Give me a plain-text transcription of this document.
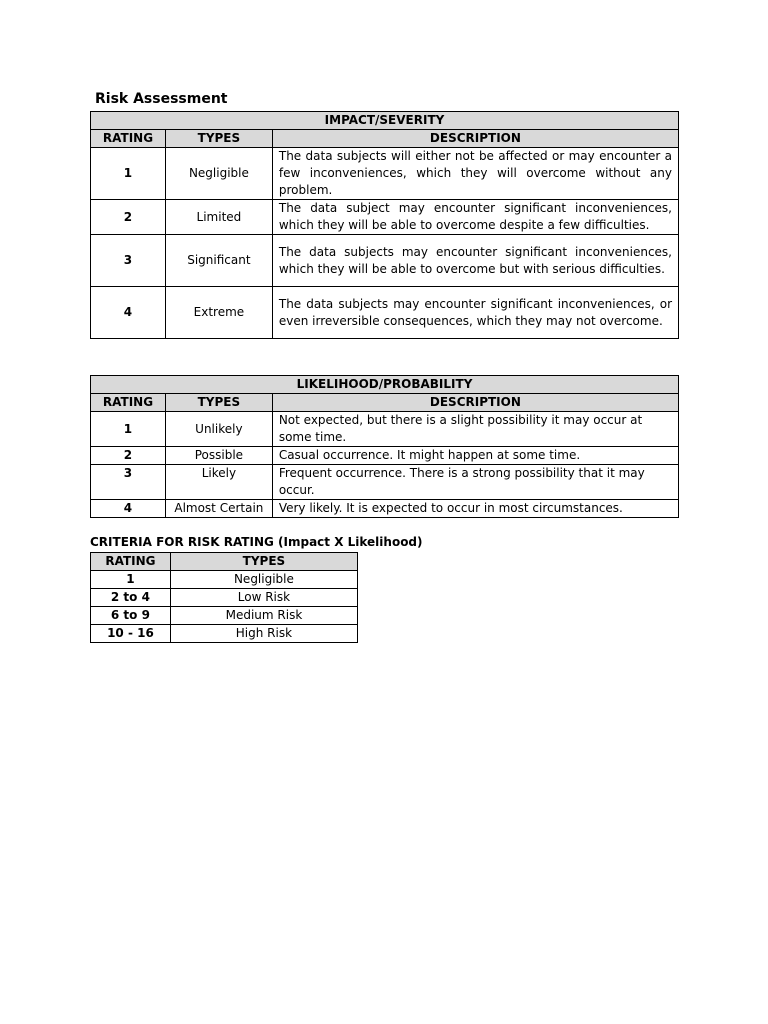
Risk Assessment
IMPACT/SEVERITY		
RATING	TYPES	DESCRIPTION
1	Negligible	The data subjects will either not be affected or may encounter a few inconveniences, which they will overcome without any problem.
2	Limited	The data subject may encounter significant inconveniences, which they will be able to overcome despite a few difficulties.
3	Significant	The data subjects may encounter significant inconveniences, which they will be able to overcome but with serious difficulties.
4	Extreme	The data subjects may encounter significant inconveniences, or even irreversible consequences, which they may not overcome.
LIKELIHOOD/PROBABILITY		
RATING	TYPES	DESCRIPTION
1	Unlikely	Not expected, but there is a slight possibility it may occur at some time.
2	Possible	Casual occurrence. It might happen at some time.
3	Likely	Frequent occurrence. There is a strong possibility that it may occur.
4	Almost Certain	Very likely. It is expected to occur in most circumstances.
CRITERIA FOR RISK RATING (Impact X Likelihood)
RATING	TYPES
1	Negligible
2 to 4	Low Risk
6 to 9	Medium Risk
10 - 16	High Risk
